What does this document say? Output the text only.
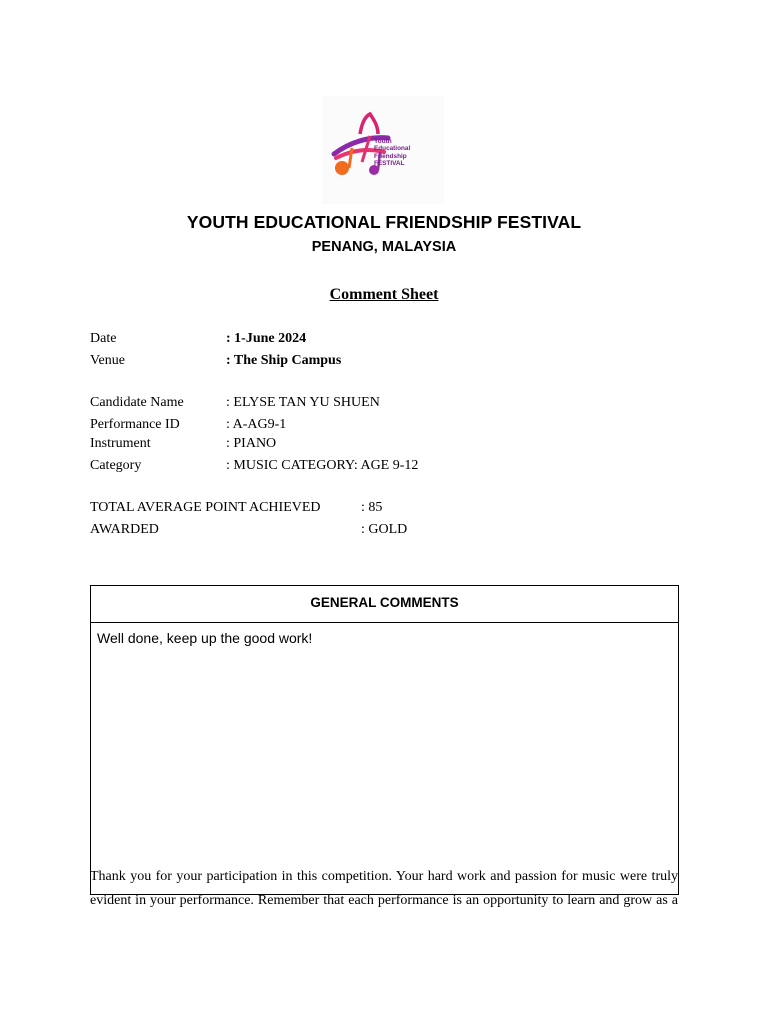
Youth
Educational
Friendship
FESTIVAL
YOUTH EDUCATIONAL FRIENDSHIP FESTIVAL
PENANG, MALAYSIA
Comment Sheet
Date	: 1-June 2024
Venue	: The Ship Campus
Candidate Name	: ELYSE TAN YU SHUEN
Performance ID	: A-AG9-1
Instrument	: PIANO
Category	: MUSIC CATEGORY: AGE 9-12
TOTAL AVERAGE POINT ACHIEVED	: 85
AWARDED	: GOLD
GENERAL COMMENTS
Well done, keep up the good work!
Thank you for your participation in this competition. Your hard work and passion for music were truly evident in your performance. Remember that each performance is an opportunity to learn and grow as a
